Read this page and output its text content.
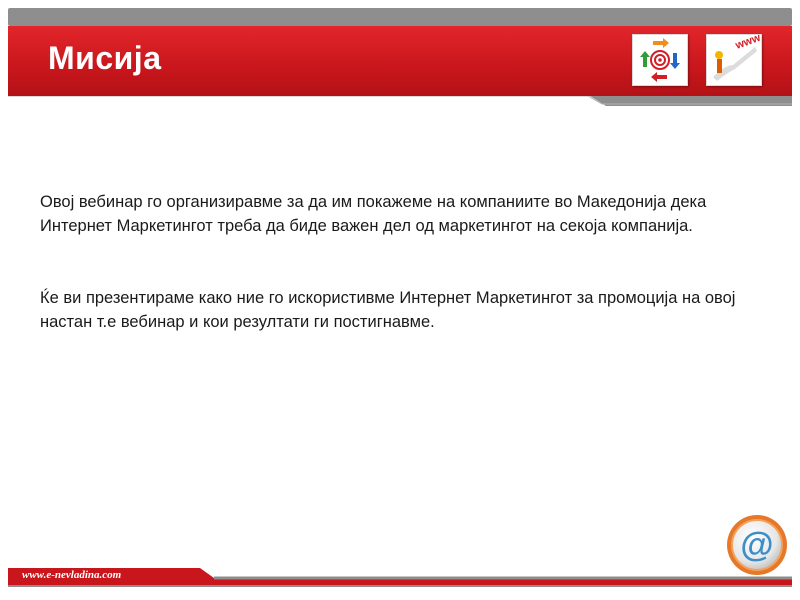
Мисија	www

Овој вебинар го организиравме за да им покажеме на компаниите во Македонија дека Интернет Маркетингот треба да биде важен дел од маркетингот на секоја компанија.

Ќе ви презентираме како ние го искористивме Интернет Маркетингот за промоција на овој настан т.е вебинар и кои резултати ги постигнавме.

www.e-nevladina.com
@
